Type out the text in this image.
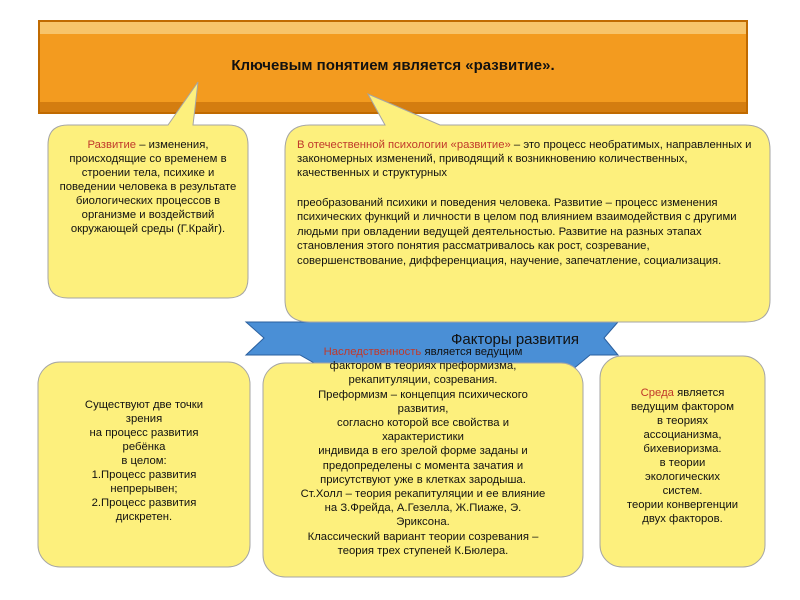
Ключевым понятием является «развитие».
Факторы развития
Развитие – изменения, происходящие со временем в строении тела, психике и поведении человека в результате биологических процессов в организме и воздействий окружающей среды (Г.Крайг).
В отечественной психологии «развитие» – это процесс необратимых, направленных и закономерных изменений, приводящий к возникновению количественных, качественных и структурных
преобразований психики и поведения человека. Развитие – процесс изменения психических функций и личности в целом под влиянием взаимодействия с другими людьми при овладении ведущей деятельностью. Развитие на разных этапах становления этого понятия рассматривалось как рост, созревание, совершенствование, дифференциация, научение, запечатление, социализация.
Существуют две точки
зрения
на процесс развития
ребёнка
в целом:
1.Процесс развития
непрерывен;
2.Процесс развития
дискретен.
Наследственность является ведущим
фактором в теориях преформизма,
рекапитуляции, созревания.
Преформизм – концепция психического
развития,
согласно которой все свойства и
характеристики
индивида в его зрелой форме заданы и
предопределены с момента зачатия и
присутствуют уже в клетках зародыша.
Ст.Холл – теория рекапитуляции и ее влияние
на З.Фрейда, А.Гезелла, Ж.Пиаже, Э.
Эриксона.
Классический вариант теории созревания –
теория трех ступеней К.Бюлера.
Среда является
ведущим фактором
в теориях
ассоцианизма,
бихевиоризма.
в теории
экологических
систем.
теории конвергенции
двух факторов.
